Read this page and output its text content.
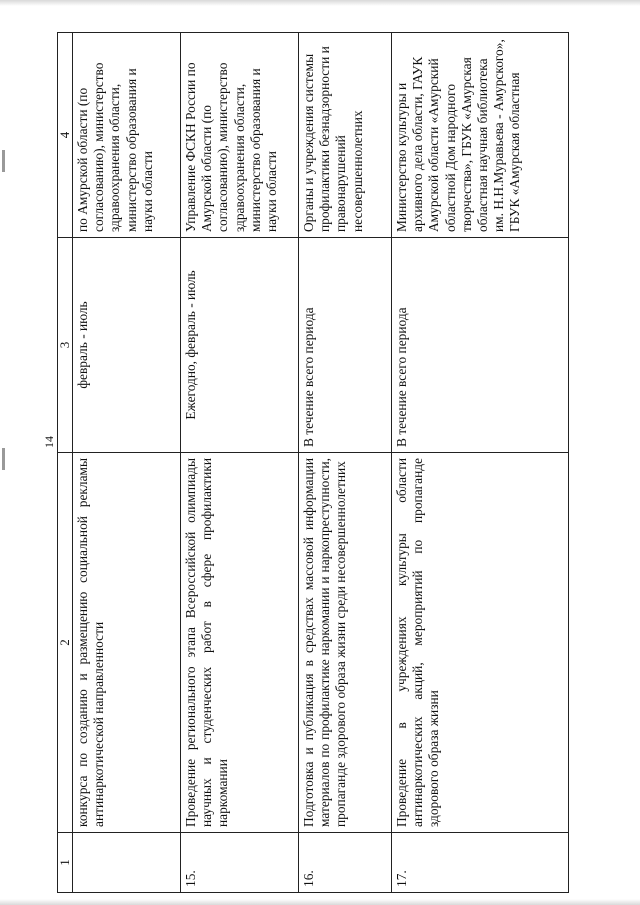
14
1	2	3	4
	конкурса по созданию и размещению социальной рекламы антинаркотической направленности	февраль - июль	по Амурской области (по согласованию), министерство здравоохранения области, министерство образования и науки области
15.	Проведение регионального этапа Всероссийской олимпиады научных и студенческих работ в сфере профилактики наркомании	Ежегодно, февраль - июль	Управление ФСКН России по Амурской области (по согласованию), министерство здравоохранения области, министерство образования и науки области
16.	Подготовка и публикация в средствах массовой информации материалов по профилактике наркомании и наркопреступности, пропаганде здорового образа жизни среди несовершеннолетних	В течение всего периода	Органы и учреждения системы профилактики безнадзорности и правонарушений несовершеннолетних
17.	Проведение в учреждениях культуры области антинаркотических акций, мероприятий по пропаганде здорового образа жизни	В течение всего периода	Министерство культуры и архивного дела области, ГАУК Амурской области «Амурский областной Дом народного творчества», ГБУК «Амурская областная научная библиотека им. Н.Н.Муравьева - Амурского», ГБУК «Амурская областная
